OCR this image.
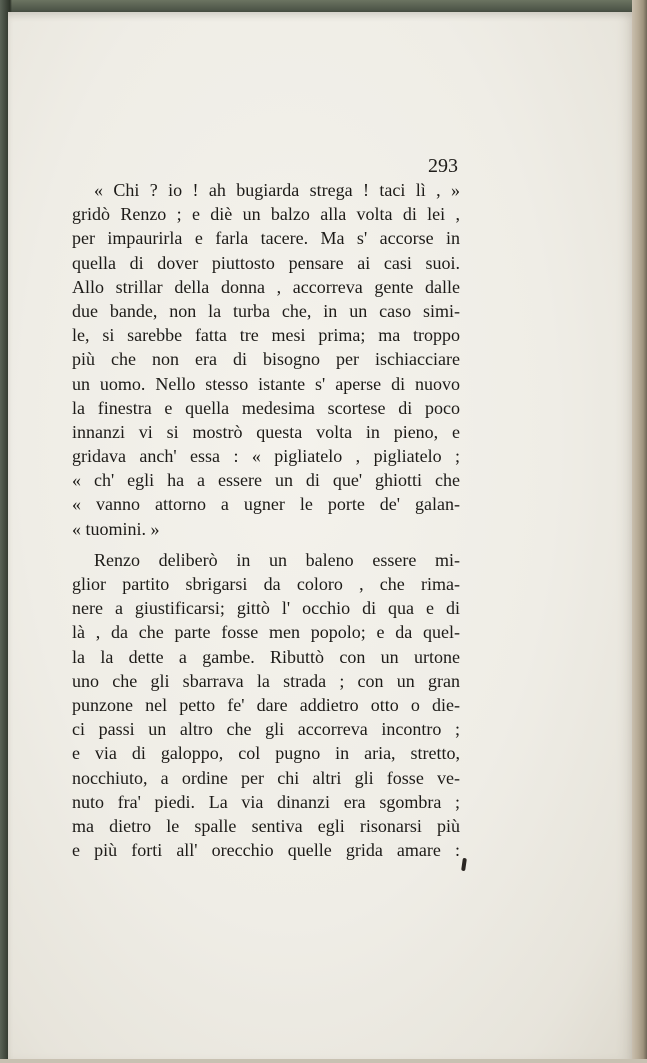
293
« Chi ? io ! ah bugiarda strega ! taci lì , »
gridò Renzo ; e diè un balzo alla volta di lei ,
per impaurirla e farla tacere. Ma s' accorse in
quella di dover piuttosto pensare ai casi suoi.
Allo strillar della donna , accorreva gente dalle
due bande, non la turba che, in un caso simi-
le, si sarebbe fatta tre mesi prima; ma troppo
più che non era di bisogno per ischiacciare
un uomo. Nello stesso istante s' aperse di nuovo
la finestra e quella medesima scortese di poco
innanzi vi si mostrò questa volta in pieno, e
gridava anch' essa : « pigliatelo , pigliatelo ;
« ch' egli ha a essere un di que' ghiotti che
« vanno attorno a ugner le porte de' galan-
« tuomini. »
Renzo deliberò in un baleno essere mi-
glior partito sbrigarsi da coloro , che rima-
nere a giustificarsi; gittò l' occhio di qua e di
là , da che parte fosse men popolo; e da quel-
la la dette a gambe. Ributtò con un urtone
uno che gli sbarrava la strada ; con un gran
punzone nel petto fe' dare addietro otto o die-
ci passi un altro che gli accorreva incontro ;
e via di galoppo, col pugno in aria, stretto,
nocchiuto, a ordine per chi altri gli fosse ve-
nuto fra' piedi. La via dinanzi era sgombra ;
ma dietro le spalle sentiva egli risonarsi più
e più forti all' orecchio quelle grida amare :
